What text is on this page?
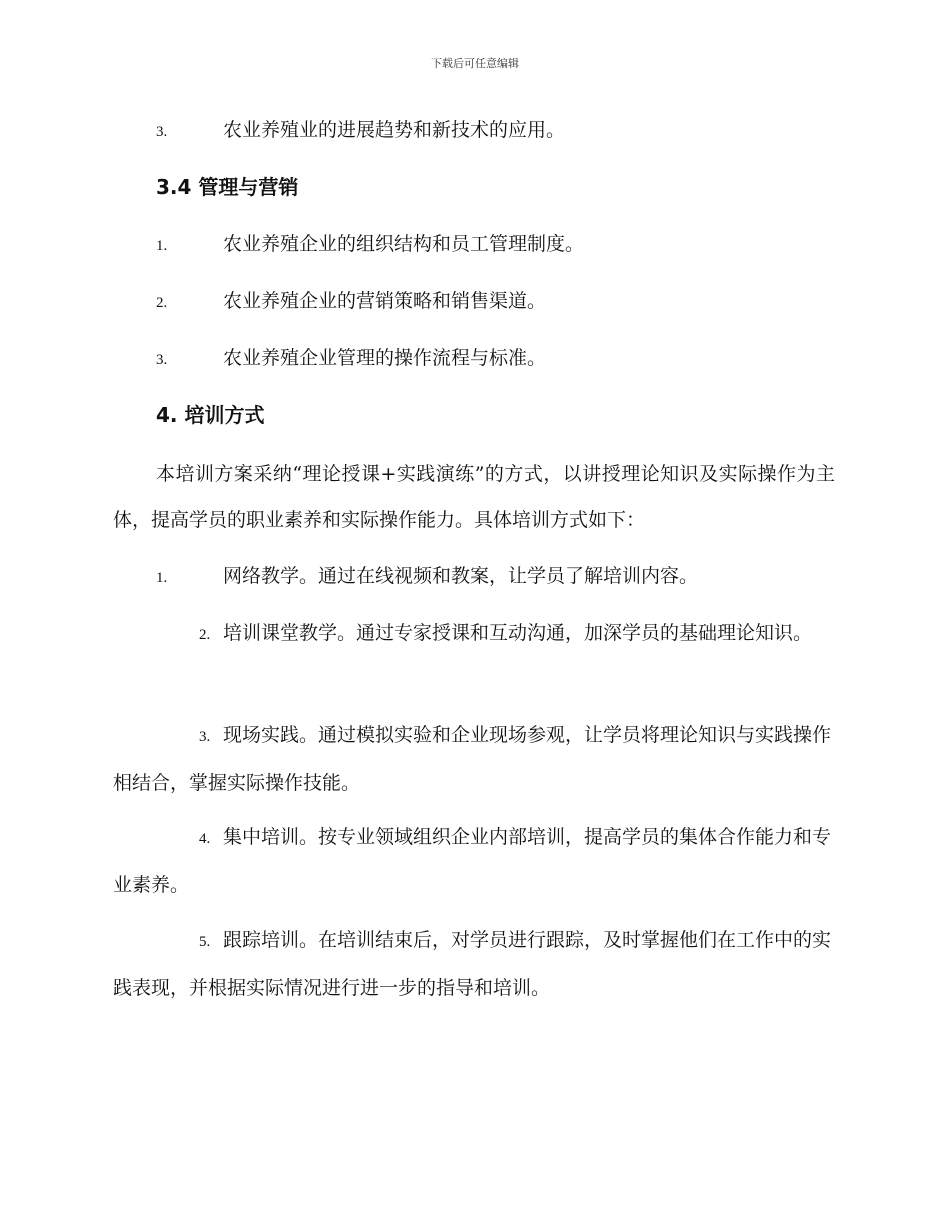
下载后可任意编辑
3.	农业养殖业的进展趋势和新技术的应用。
3.4 管理与营销
1.	农业养殖企业的组织结构和员工管理制度。
2.	农业养殖企业的营销策略和销售渠道。
3.	农业养殖企业管理的操作流程与标准。
4. 培训方式
本培训方案采纳“理论授课+实践演练”的方式，以讲授理论知识及实际操作为主体，提高学员的职业素养和实际操作能力。具体培训方式如下：
1.	网络教学。通过在线视频和教案，让学员了解培训内容。
2. 培训课堂教学。通过专家授课和互动沟通，加深学员的基础理论知识。
3. 现场实践。通过模拟实验和企业现场参观，让学员将理论知识与实践操作相结合，掌握实际操作技能。
4. 集中培训。按专业领域组织企业内部培训，提高学员的集体合作能力和专业素养。
5. 跟踪培训。在培训结束后，对学员进行跟踪，及时掌握他们在工作中的实践表现，并根据实际情况进行进一步的指导和培训。
